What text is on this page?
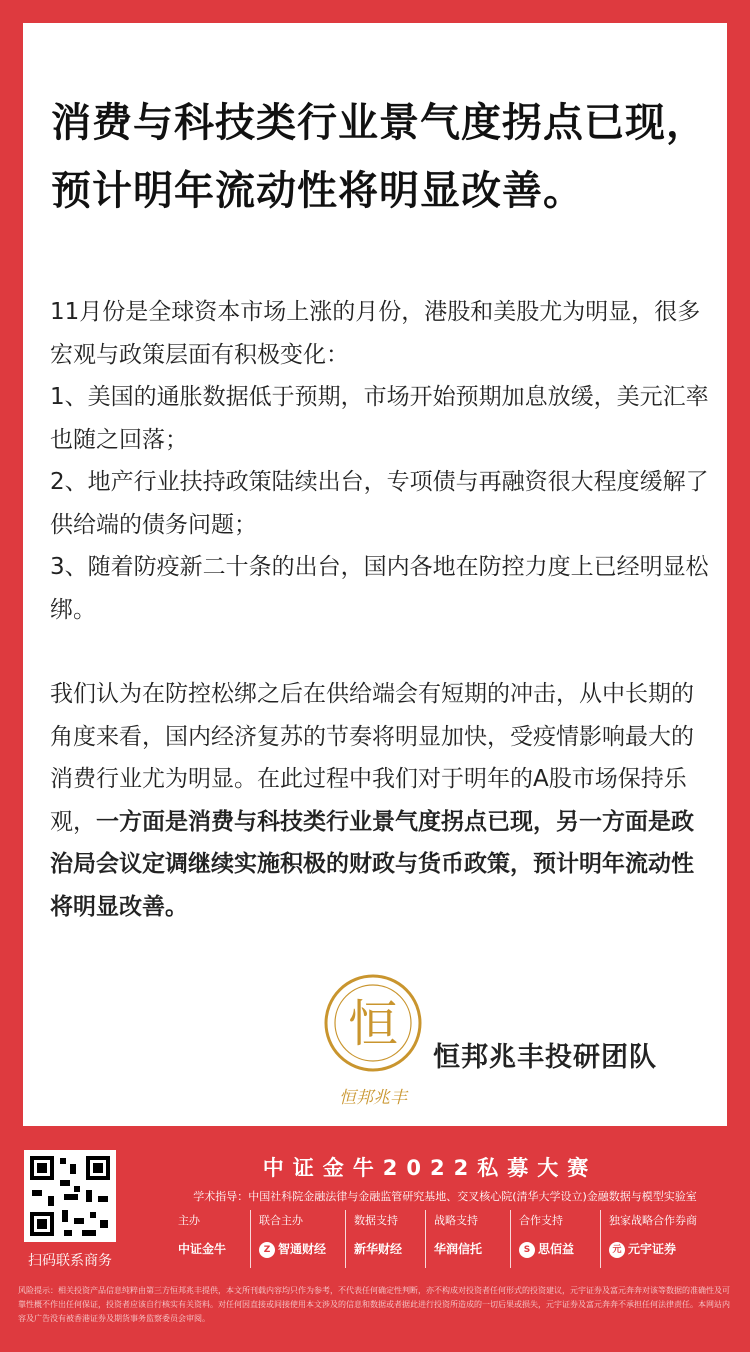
消费与科技类行业景气度拐点已现，预计明年流动性将明显改善。

11月份是全球资本市场上涨的月份，港股和美股尤为明显，很多宏观与政策层面有积极变化：

1、美国的通胀数据低于预期，市场开始预期加息放缓，美元汇率也随之回落；

2、地产行业扶持政策陆续出台，专项债与再融资很大程度缓解了供给端的债务问题；

3、随着防疫新二十条的出台，国内各地在防控力度上已经明显松绑。

我们认为在防控松绑之后在供给端会有短期的冲击，从中长期的角度来看，国内经济复苏的节奏将明显加快，受疫情影响最大的消费行业尤为明显。在此过程中我们对于明年的A股市场保持乐观，一方面是消费与科技类行业景气度拐点已现，另一方面是政治局会议定调继续实施积极的财政与货币政策，预计明年流动性将明显改善。

恒
恒邦兆丰
恒邦兆丰投研团队
扫码联系商务
中证金牛2022私募大赛
学术指导：中国社科院金融法律与金融监管研究基地、交叉核心院(清华大学设立)金融数据与模型实验室
主办
中证金牛
联合主办
Z 智通财经
数据支持
新华财经
战略支持
华润信托
合作支持
S 思佰益
独家战略合作券商
元 元宇证券
风险提示：相关投资产品信息纯粹由第三方恒邦兆丰提供，本文所刊载内容均只作为参考，不代表任何确定性判断，亦不构成对投资者任何形式的投资建议，元宇证券及富元奔奔对该等数据的准确性及可靠性概不作出任何保证，投资者应该自行核实有关资料。对任何因直接或间接使用本文涉及的信息和数据或者据此进行投资所造成的一切后果或损失，元宇证券及富元奔奔不承担任何法律责任。本网站内容及广告没有被香港证券及期货事务监察委员会审阅。
